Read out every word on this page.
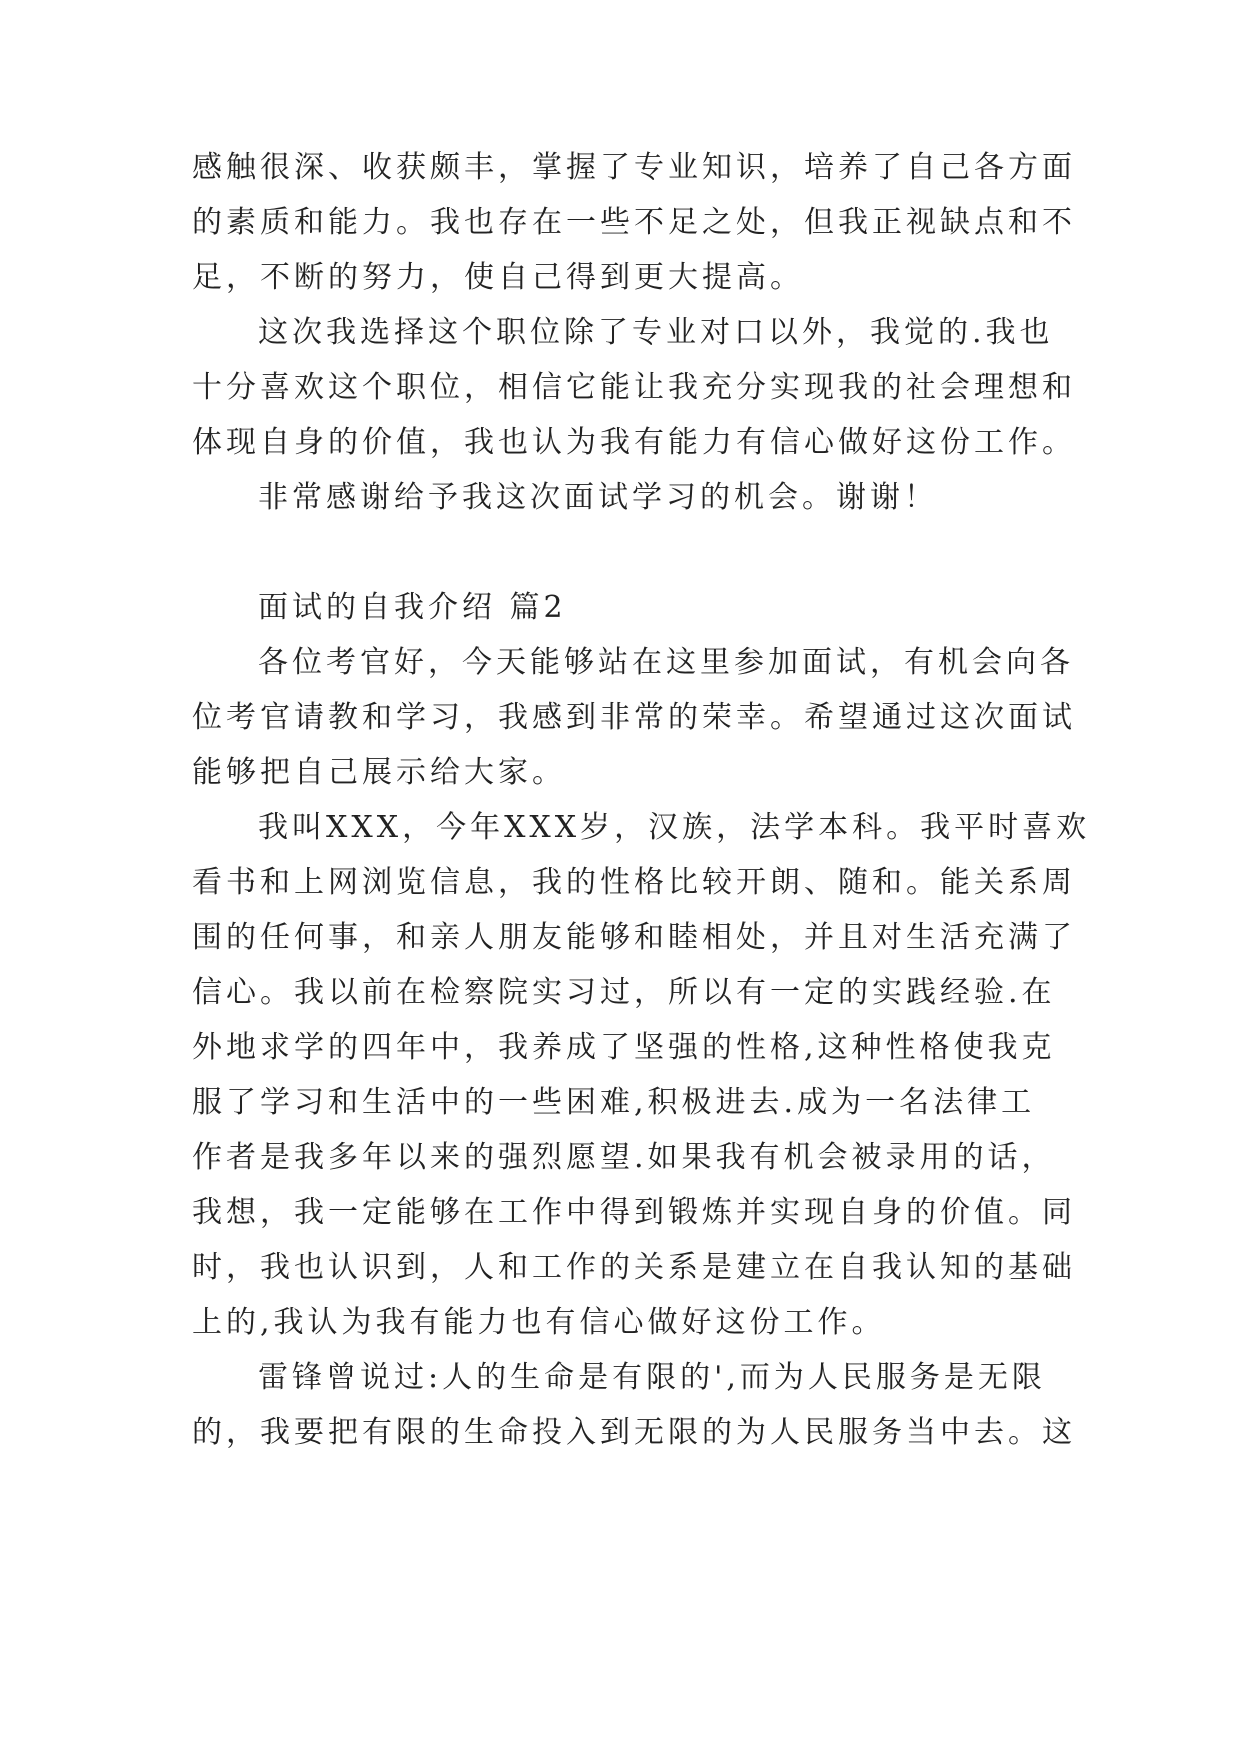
感触很深、收获颇丰，掌握了专业知识，培养了自己各方面

的素质和能力。我也存在一些不足之处，但我正视缺点和不

足，不断的努力，使自己得到更大提高。

这次我选择这个职位除了专业对口以外，我觉的.我也

十分喜欢这个职位，相信它能让我充分实现我的社会理想和

体现自身的价值，我也认为我有能力有信心做好这份工作。

非常感谢给予我这次面试学习的机会。谢谢！

面试的自我介绍 篇2

各位考官好，今天能够站在这里参加面试，有机会向各

位考官请教和学习，我感到非常的荣幸。希望通过这次面试

能够把自己展示给大家。

我叫XXX，今年XXX岁，汉族，法学本科。我平时喜欢

看书和上网浏览信息，我的性格比较开朗、随和。能关系周

围的任何事，和亲人朋友能够和睦相处，并且对生活充满了

信心。我以前在检察院实习过，所以有一定的实践经验.在

外地求学的四年中，我养成了坚强的性格,这种性格使我克

服了学习和生活中的一些困难,积极进去.成为一名法律工

作者是我多年以来的强烈愿望.如果我有机会被录用的话，

我想，我一定能够在工作中得到锻炼并实现自身的价值。同

时，我也认识到，人和工作的关系是建立在自我认知的基础

上的,我认为我有能力也有信心做好这份工作。

雷锋曾说过:人的生命是有限的',而为人民服务是无限

的，我要把有限的生命投入到无限的为人民服务当中去。这
